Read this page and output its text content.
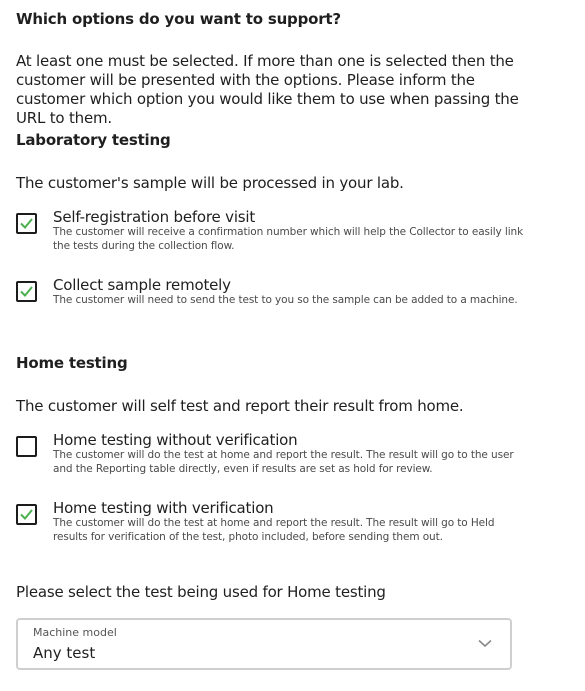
Which options do you want to support?

At least one must be selected. If more than one is selected then the customer will be presented with the options. Please inform the customer which option you would like them to use when passing the URL to them.

Laboratory testing

The customer's sample will be processed in your lab.

Self-registration before visit
The customer will receive a confirmation number which will help the Collector to easily link the tests during the collection flow.
Collect sample remotely
The customer will need to send the test to you so the sample can be added to a machine.
Home testing

The customer will self test and report their result from home.

Home testing without verification
The customer will do the test at home and report the result. The result will go to the user and the Reporting table directly, even if results are set as hold for review.
Home testing with verification
The customer will do the test at home and report the result. The result will go to Held results for verification of the test, photo included, before sending them out.

Please select the test being used for Home testing

Machine model
Any test
